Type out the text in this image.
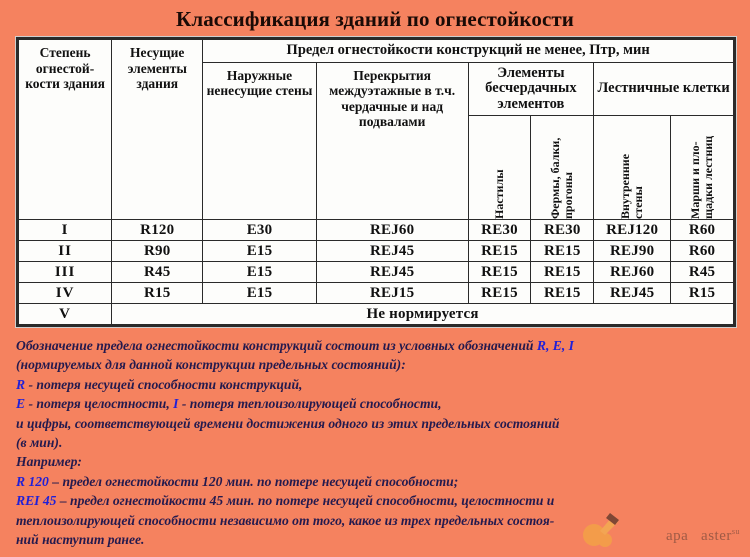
Классификация зданий по огнестойкости
Степень огнестой-кости здания	Несущие элементы здания	Предел огнестойкости конструкций не менее, Птр, мин					
		Наружные ненесущие стены	Перекрытия междуэтажные в т.ч. чердачные и над подвалами	Элементы бесчердачных элементов		Лестничные клетки	

				Настилы	Фермы, балки, прогоны	Внутренние стены	Марши и пло-щадки лестниц

I	R120	E30	REJ60	RE30	RE30	REJ120	R60
II	R90	E15	REJ45	RE15	RE15	REJ90	R60
III	R45	E15	REJ45	RE15	RE15	REJ60	R45
IV	R15	E15	REJ15	RE15	RE15	REJ45	R15
V	Не нормируется						

Обозначение предела огнестойкости конструкций состоит из условных обозначений R, E, I

(нормируемых для данной конструкции предельных состояний):

R - потеря несущей способности конструкций,

E - потеря целостности, I - потеря теплоизолирующей способности,

и цифры, соответствующей времени достижения одного из этих предельных состояний

(в мин).

Например:

R 120 – предел огнестойкости 120 мин. по потере несущей способности;

REI 45 – предел огнестойкости 45 мин. по потере несущей способности, целостности и

теплоизолирующей способности независимо от того, какое из трех предельных состоя-

ний наступит ранее.	apa aster$^{su}$
